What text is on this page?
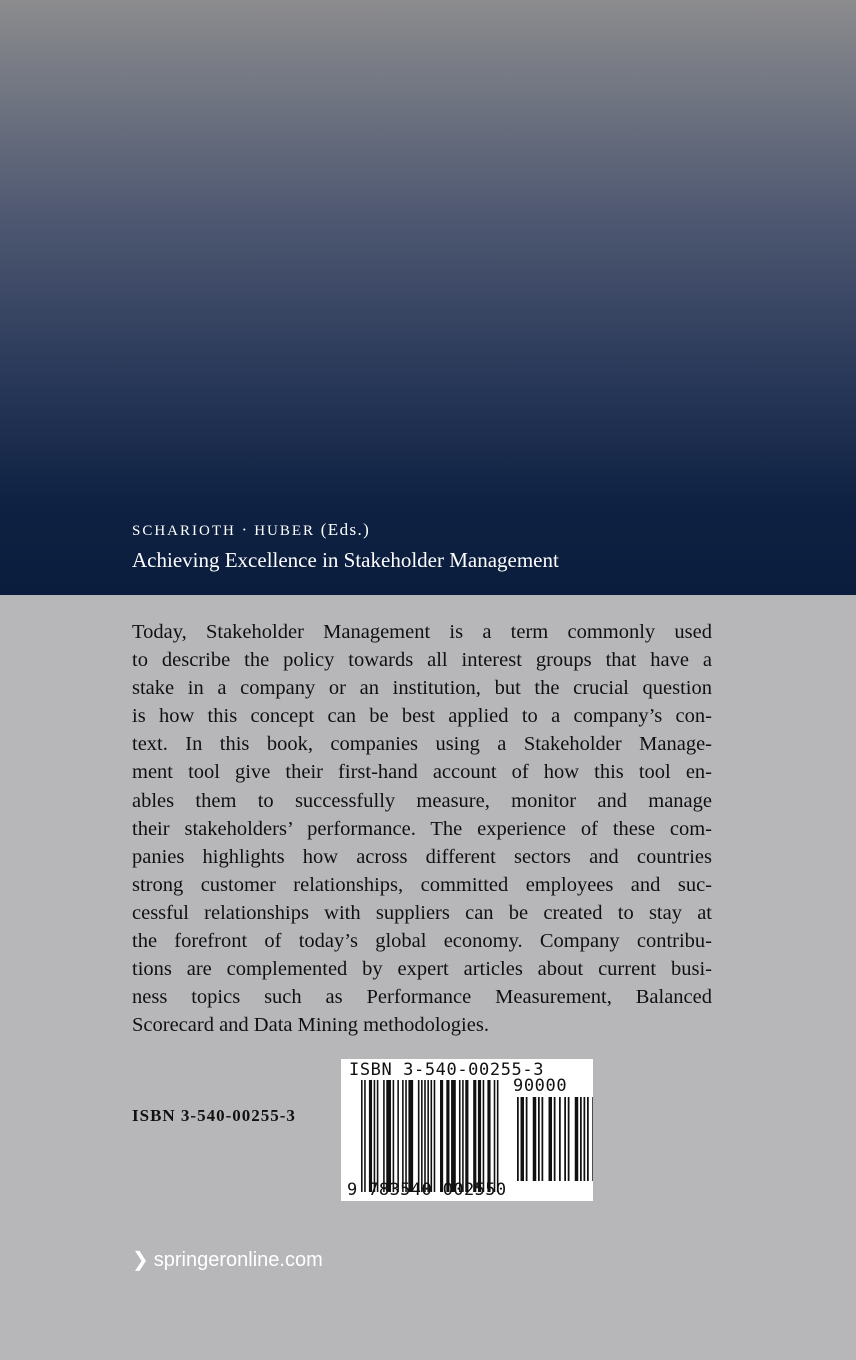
SCHARIOTH · HUBER (Eds.)
Achieving Excellence in Stakeholder Management

Today, Stakeholder Management is a term commonly used
to describe the policy towards all interest groups that have a
stake in a company or an institution, but the crucial question
is how this concept can be best applied to a company’s con-
text. In this book, companies using a Stakeholder Manage-
ment tool give their first-hand account of how this tool en-
ables them to successfully measure, monitor and manage
their stakeholders’ performance. The experience of these com-
panies highlights how across different sectors and countries
strong customer relationships, committed employees and suc-
cessful relationships with suppliers can be created to stay at
the forefront of today’s global economy. Company contribu-
tions are complemented by expert articles about current busi-
ness topics such as Performance Measurement, Balanced
Scorecard and Data Mining methodologies.

ISBN 3-540-00255-3
ISBN 3-540-00255-3
90000
9 783540 002550
❯ springeronline.com
